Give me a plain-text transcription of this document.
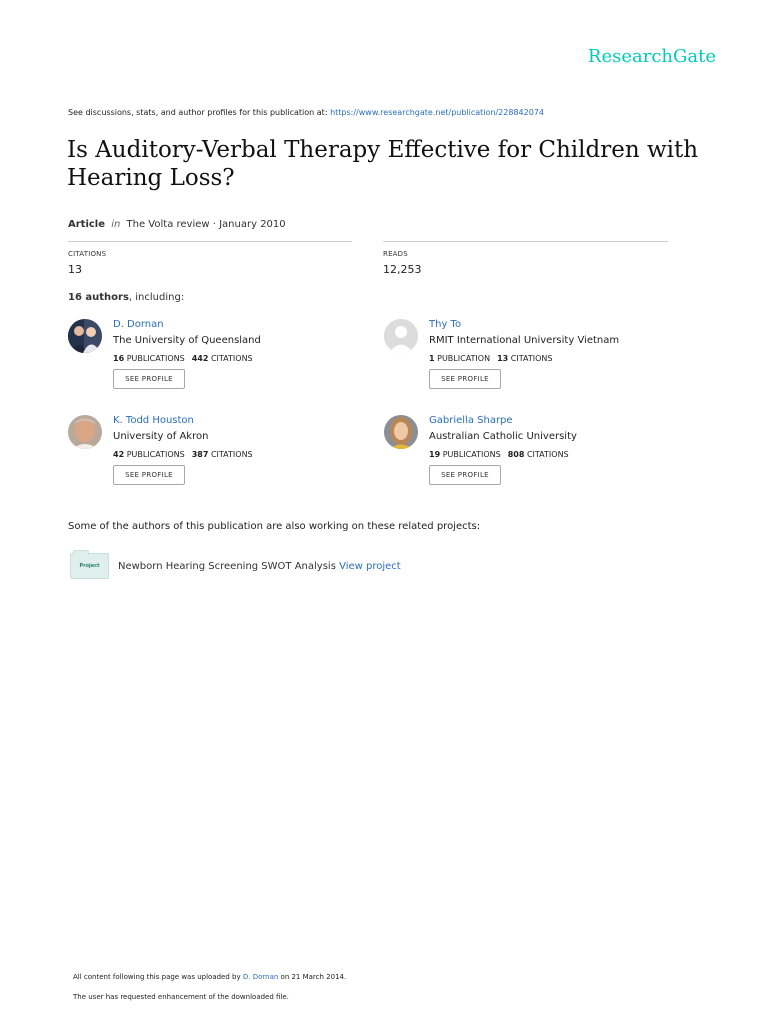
ResearchGate
See discussions, stats, and author profiles for this publication at: https://www.researchgate.net/publication/228842074
Is Auditory-Verbal Therapy Effective for Children with Hearing Loss?
Article in The Volta review · January 2010
CITATIONS
13
READS
12,253
16 authors, including:
D. Dornan
The University of Queensland
16 PUBLICATIONS 442 CITATIONS
SEE PROFILE
Thy To
RMIT International University Vietnam
1 PUBLICATION 13 CITATIONS
SEE PROFILE
K. Todd Houston
University of Akron
42 PUBLICATIONS 387 CITATIONS
SEE PROFILE
Gabriella Sharpe
Australian Catholic University
19 PUBLICATIONS 808 CITATIONS
SEE PROFILE
Some of the authors of this publication are also working on these related projects:
Project	Newborn Hearing Screening SWOT Analysis View project
All content following this page was uploaded by D. Dornan on 21 March 2014.
The user has requested enhancement of the downloaded file.
